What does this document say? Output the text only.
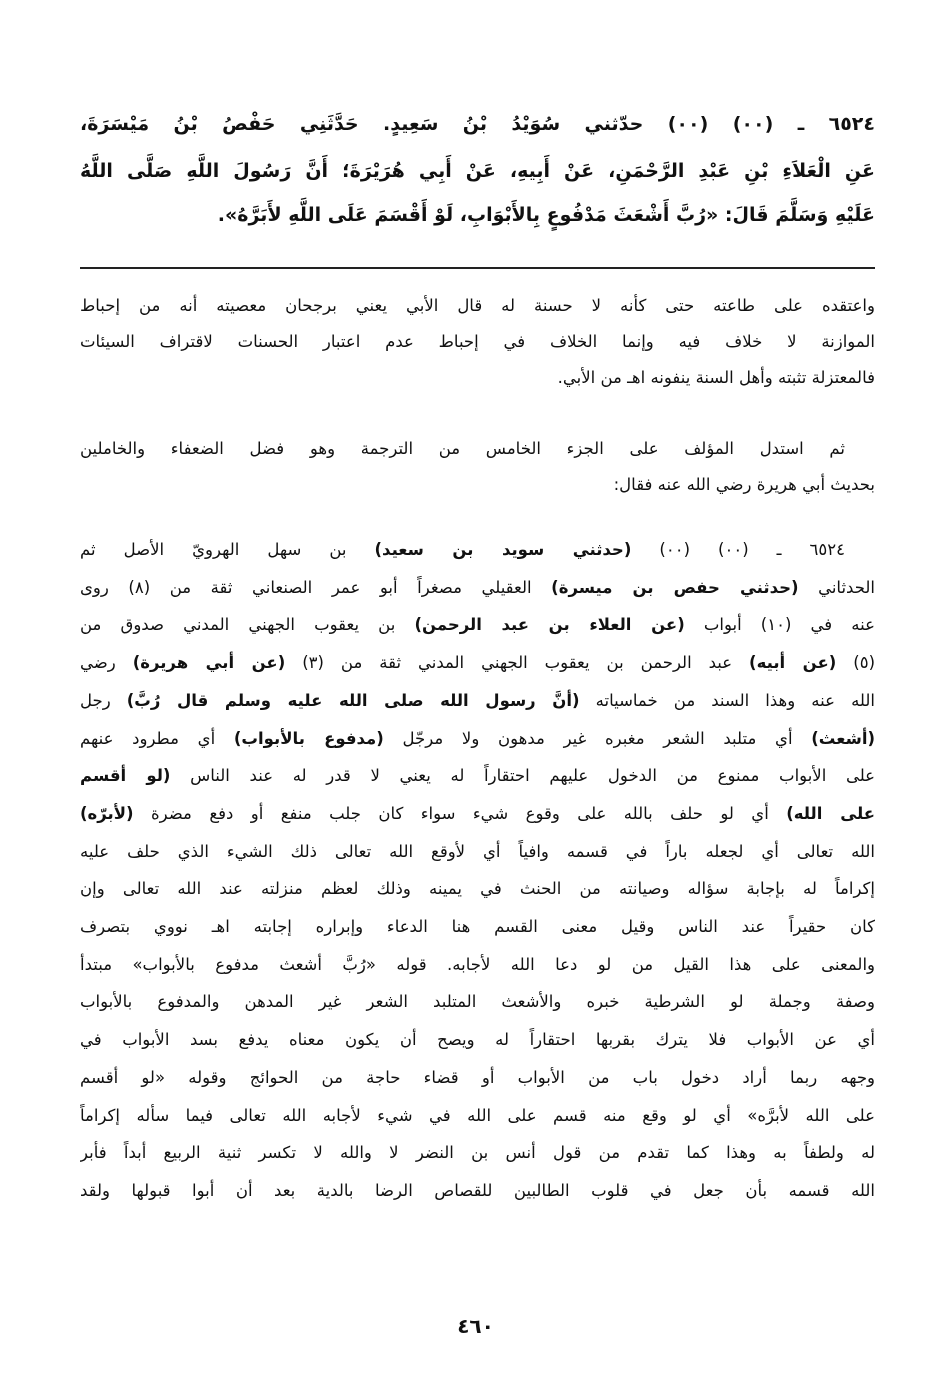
٦٥٢٤ ـ (٠٠) (٠٠) حدّثني سُوَيْدُ بْنُ سَعِيدٍ. حَدَّثَنِي حَفْصُ بْنُ مَيْسَرَةَ،
عَنِ الْعَلاَءِ بْنِ عَبْدِ الرَّحْمَنِ، عَنْ أَبِيهِ، عَنْ أَبِي هُرَيْرَةَ؛ أَنَّ رَسُولَ اللَّهِ صَلَّى اللَّهُ
عَلَيْهِ وَسَلَّمَ قَالَ: «رُبَّ أَشْعَثَ مَدْفُوعٍ بِالأَبْوَابِ، لَوْ أَقْسَمَ عَلَى اللَّهِ لأَبَرَّهُ».
واعتقده على طاعته حتى كأنه لا حسنة له قال الأبي يعني برجحان معصيته أنه من إحباط
الموازنة لا خلاف فيه وإنما الخلاف في إحباط عدم اعتبار الحسنات لاقتراف السيئات
فالمعتزلة تثبته وأهل السنة ينفونه اهـ من الأبي.
ثم استدل المؤلف على الجزء الخامس من الترجمة وهو فضل الضعفاء والخاملين
بحديث أبي هريرة رضي الله عنه فقال:
٦٥٢٤ ـ (٠٠) (٠٠) (حدثني سويد بن سعيد) بن سهل الهرويّ الأصل ثم
الحدثاني (حدثني حفص بن ميسرة) العقيلي مصغراً أبو عمر الصنعاني ثقة من (٨) روى
عنه في (١٠) أبواب (عن العلاء بن عبد الرحمن) بن يعقوب الجهني المدني صدوق من
(٥) (عن أبيه) عبد الرحمن بن يعقوب الجهني المدني ثقة من (٣) (عن أبي هريرة) رضي
الله عنه وهذا السند من خماسياته (أنَّ رسول الله صلى الله عليه وسلم قال رُبَّ) رجل
(أشعث) أي متلبد الشعر مغبره غير مدهون ولا مرجّل (مدفوع بالأبواب) أي مطرود عنهم
على الأبواب ممنوع من الدخول عليهم احتقاراً له يعني لا قدر له عند الناس (لو أقسم
على الله) أي لو حلف بالله على وقوع شيء سواء كان جلب منفع أو دفع مضرة (لأبرّه)
الله تعالى أي لجعله باراً في قسمه وافياً أي لأوقع الله تعالى ذلك الشيء الذي حلف عليه
إكراماً له بإجابة سؤاله وصيانته من الحنث في يمينه وذلك لعظم منزلته عند الله تعالى وإن
كان حقيراً عند الناس وقيل معنى القسم هنا الدعاء وإبراره إجابته اهـ نووي بتصرف
والمعنى على هذا القيل من لو دعا الله لأجابه. قوله «رُبَّ أشعث مدفوع بالأبواب» مبتدأ
وصفة وجملة لو الشرطية خبره والأشعث المتلبد الشعر غير المدهن والمدفوع بالأبواب
أي عن الأبواب فلا يترك بقربها احتقاراً له ويصح أن يكون معناه يدفع بسد الأبواب في
وجهه ربما أراد دخول باب من الأبواب أو قضاء حاجة من الحوائج وقوله «لو أقسم
على الله لأبرَّه» أي لو وقع منه قسم على الله في شيء لأجابه الله تعالى فيما سأله إكراماً
له ولطفاً به وهذا كما تقدم من قول أنس بن النضر لا والله لا تكسر ثنية الربيع أبداً فأبر
الله قسمه بأن جعل في قلوب الطالبين للقصاص الرضا بالدية بعد أن أبوا قبولها ولقد
٤٦٠
